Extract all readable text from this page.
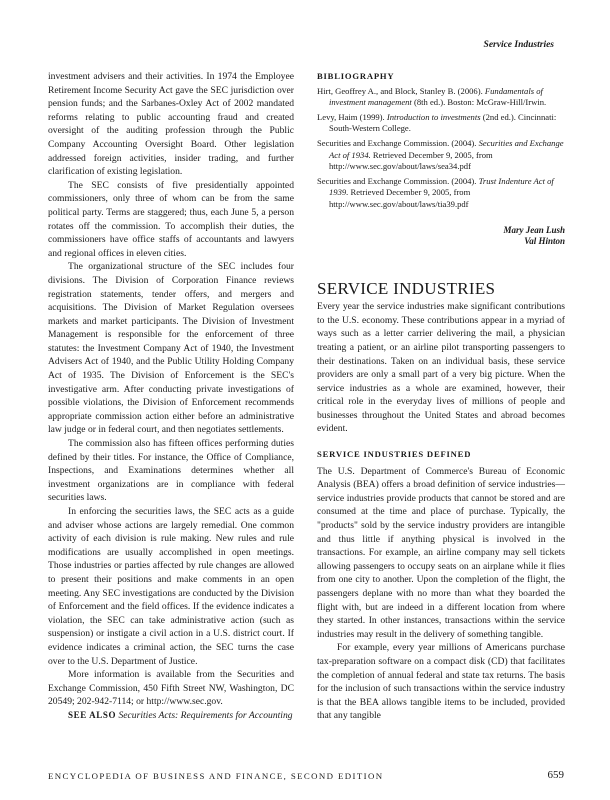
Service Industries

investment advisers and their activities. In 1974 the Employee Retirement Income Security Act gave the SEC jurisdiction over pension funds; and the Sarbanes-Oxley Act of 2002 mandated reforms relating to public accounting fraud and created oversight of the auditing profession through the Public Company Accounting Oversight Board. Other legislation addressed foreign activities, insider trading, and further clarification of existing legislation.

The SEC consists of five presidentially appointed commissioners, only three of whom can be from the same political party. Terms are staggered; thus, each June 5, a person rotates off the commission. To accomplish their duties, the commissioners have office staffs of accountants and lawyers and regional offices in eleven cities.

The organizational structure of the SEC includes four divisions. The Division of Corporation Finance reviews registration statements, tender offers, and mergers and acquisitions. The Division of Market Regulation oversees markets and market participants. The Division of Investment Management is responsible for the enforcement of three statutes: the Investment Company Act of 1940, the Investment Advisers Act of 1940, and the Public Utility Holding Company Act of 1935. The Division of Enforcement is the SEC's investigative arm. After conducting private investigations of possible violations, the Division of Enforcement recommends appropriate commission action either before an administrative law judge or in federal court, and then negotiates settlements.

The commission also has fifteen offices performing duties defined by their titles. For instance, the Office of Compliance, Inspections, and Examinations determines whether all investment organizations are in compliance with federal securities laws.

In enforcing the securities laws, the SEC acts as a guide and adviser whose actions are largely remedial. One common activity of each division is rule making. New rules and rule modifications are usually accomplished in open meetings. Those industries or parties affected by rule changes are allowed to present their positions and make comments in an open meeting. Any SEC investigations are conducted by the Division of Enforcement and the field offices. If the evidence indicates a violation, the SEC can take administrative action (such as suspension) or instigate a civil action in a U.S. district court. If evidence indicates a criminal action, the SEC turns the case over to the U.S. Department of Justice.

More information is available from the Securities and Exchange Commission, 450 Fifth Street NW, Washington, DC 20549; 202-942-7114; or http://www.sec.gov.

SEE ALSO Securities Acts: Requirements for Accounting

BIBLIOGRAPHY
Hirt, Geoffrey A., and Block, Stanley B. (2006). Fundamentals of investment management (8th ed.). Boston: McGraw-Hill/Irwin.
Levy, Haim (1999). Introduction to investments (2nd ed.). Cincinnati: South-Western College.
Securities and Exchange Commission. (2004). Securities and Exchange Act of 1934. Retrieved December 9, 2005, from http://www.sec.gov/about/laws/sea34.pdf
Securities and Exchange Commission. (2004). Trust Indenture Act of 1939. Retrieved December 9, 2005, from http://www.sec.gov/about/laws/tia39.pdf
Mary Jean Lush
Val Hinton
SERVICE INDUSTRIES

Every year the service industries make significant contributions to the U.S. economy. These contributions appear in a myriad of ways such as a letter carrier delivering the mail, a physician treating a patient, or an airline pilot transporting passengers to their destinations. Taken on an individual basis, these service providers are only a small part of a very big picture. When the service industries as a whole are examined, however, their critical role in the everyday lives of millions of people and businesses throughout the United States and abroad becomes evident.

SERVICE INDUSTRIES DEFINED

The U.S. Department of Commerce's Bureau of Economic Analysis (BEA) offers a broad definition of service industries—service industries provide products that cannot be stored and are consumed at the time and place of purchase. Typically, the "products" sold by the service industry providers are intangible and thus little if anything physical is involved in the transactions. For example, an airline company may sell tickets allowing passengers to occupy seats on an airplane while it flies from one city to another. Upon the completion of the flight, the passengers deplane with no more than what they boarded the flight with, but are indeed in a different location from where they started. In other instances, transactions within the service industries may result in the delivery of something tangible.

For example, every year millions of Americans purchase tax-preparation software on a compact disk (CD) that facilitates the completion of annual federal and state tax returns. The basis for the inclusion of such transactions within the service industry is that the BEA allows tangible items to be included, provided that any tangible

ENCYCLOPEDIA OF BUSINESS AND FINANCE, SECOND EDITION	659
